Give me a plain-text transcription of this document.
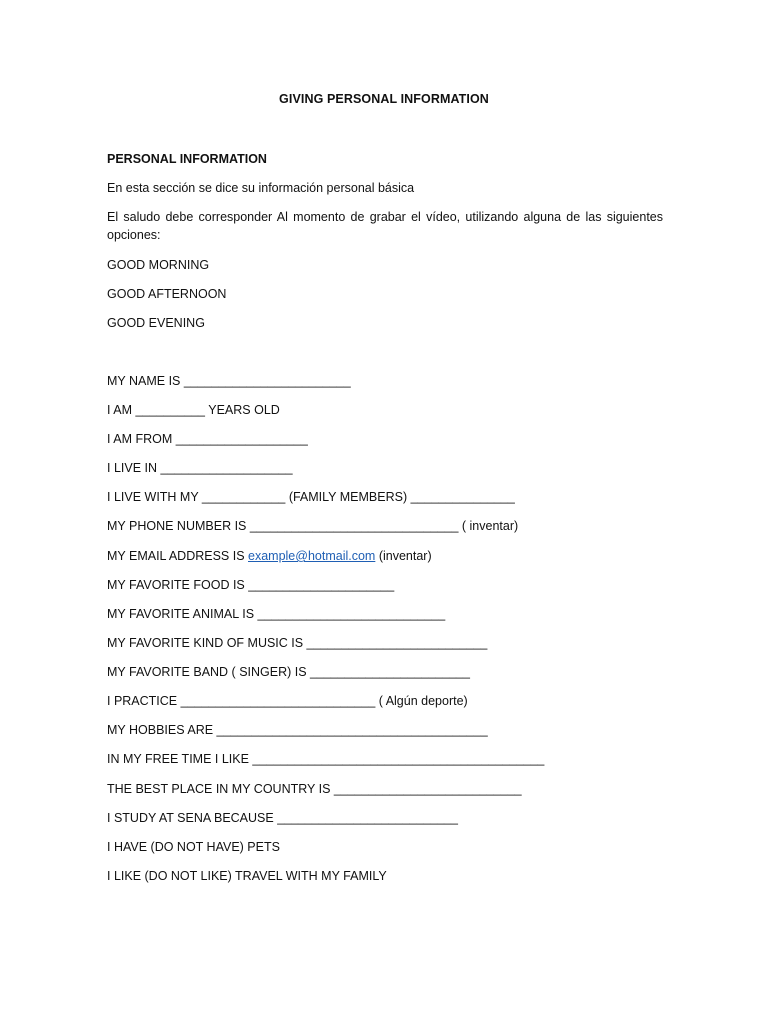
GIVING PERSONAL INFORMATION
PERSONAL INFORMATION
En esta sección se dice su información personal básica
El saludo debe corresponder Al momento de grabar el vídeo, utilizando alguna de las siguientes opciones:
GOOD MORNING
GOOD AFTERNOON
GOOD EVENING
MY NAME IS ________________________
I AM __________ YEARS OLD
I AM FROM ___________________
I LIVE IN ___________________
I LIVE WITH MY ____________ (FAMILY MEMBERS) _______________
MY PHONE NUMBER IS ______________________________ ( inventar)
MY EMAIL ADDRESS IS example@hotmail.com (inventar)
MY FAVORITE FOOD IS _____________________
MY FAVORITE ANIMAL IS ___________________________
MY FAVORITE KIND OF MUSIC IS __________________________
MY FAVORITE BAND ( SINGER) IS _______________________
I PRACTICE ____________________________ ( Algún deporte)
MY HOBBIES ARE _______________________________________
IN MY FREE TIME I LIKE __________________________________________
THE BEST PLACE IN MY COUNTRY IS ___________________________
I STUDY AT SENA BECAUSE __________________________
I HAVE (DO NOT HAVE) PETS
I LIKE (DO NOT LIKE) TRAVEL WITH MY FAMILY
